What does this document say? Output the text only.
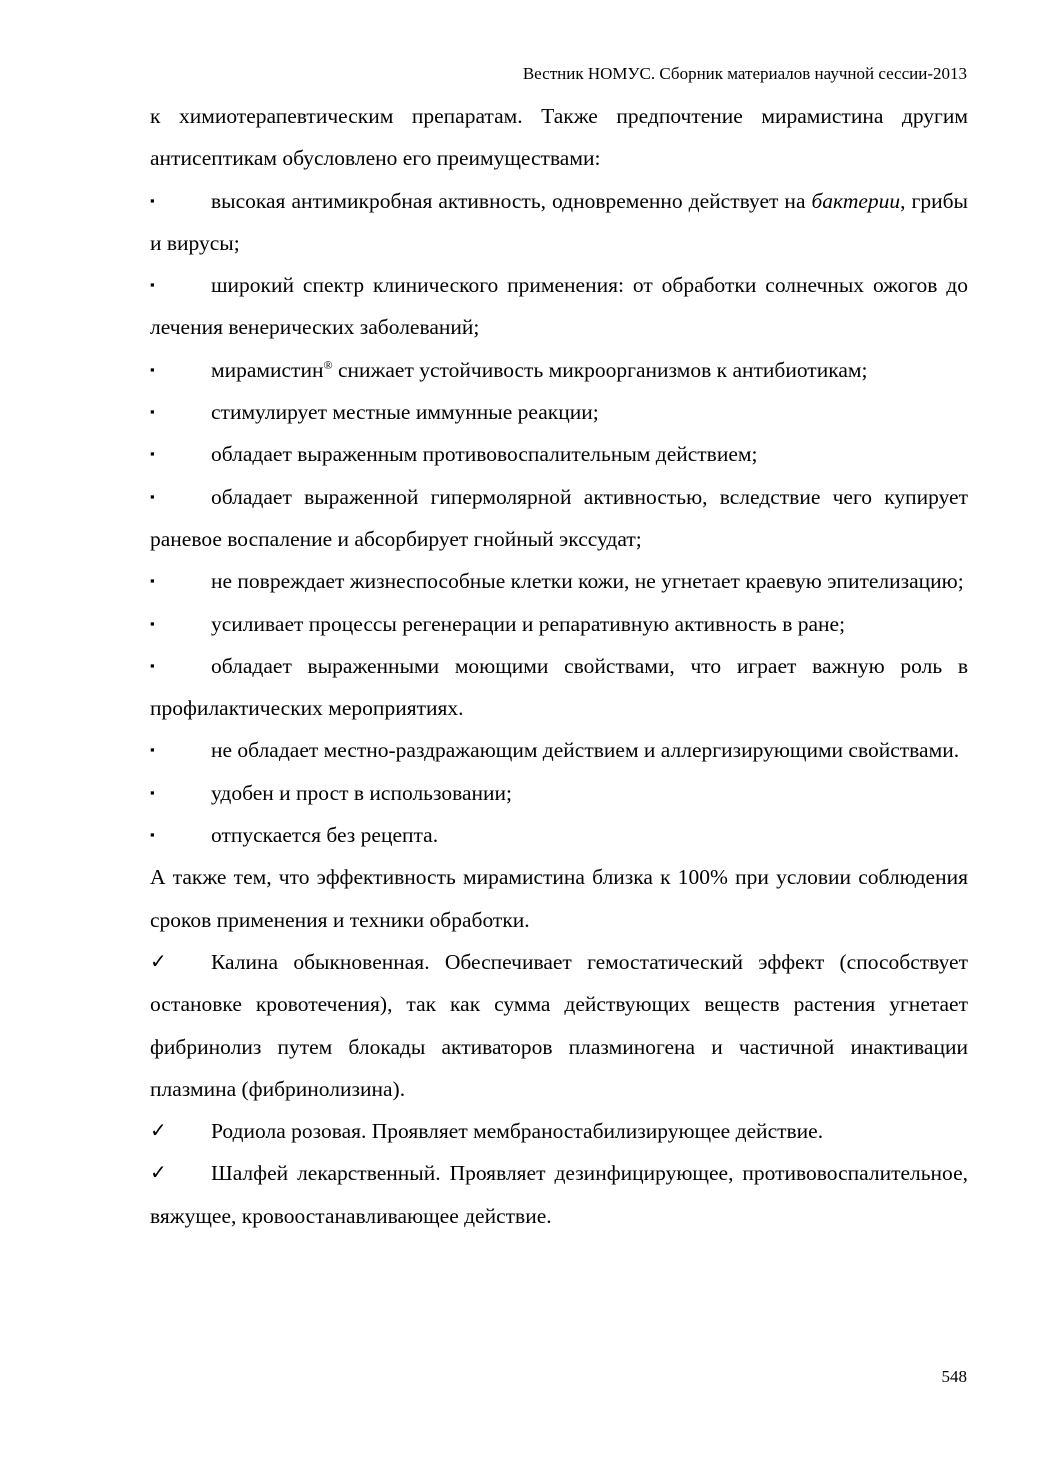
Вестник НОМУС. Сборник материалов научной сессии-2013

к химиотерапевтическим препаратам. Также предпочтение мирамистина другим антисептикам обусловлено его преимуществами:

▪	высокая антимикробная активность, одновременно действует на бактерии, грибы и вирусы;

▪	широкий спектр клинического применения: от обработки солнечных ожогов до лечения венерических заболеваний;

▪	мирамистин® снижает устойчивость микроорганизмов к антибиотикам;

▪	стимулирует местные иммунные реакции;

▪	обладает выраженным противовоспалительным действием;

▪	обладает выраженной гипермолярной активностью, вследствие чего купирует раневое воспаление и абсорбирует гнойный экссудат;

▪	не повреждает жизнеспособные клетки кожи, не угнетает краевую эпителизацию;

▪	усиливает процессы регенерации и репаративную активность в ране;

▪	обладает выраженными моющими свойствами, что играет важную роль в профилактических мероприятиях.

▪	не обладает местно-раздражающим действием и аллергизирующими свойствами.

▪	удобен и прост в использовании;

▪	отпускается без рецепта.

А также тем, что эффективность мирамистина близка к 100% при условии соблюдения сроков применения и техники обработки.

✓ Калина обыкновенная. Обеспечивает гемостатический эффект (способствует остановке кровотечения), так как сумма действующих веществ растения угнетает фибринолиз путем блокады активаторов плазминогена и частичной инактивации плазмина (фибринолизина).

✓ Родиола розовая. Проявляет мембраностабилизирующее действие.

✓ Шалфей лекарственный. Проявляет дезинфицирующее, противовоспалительное, вяжущее, кровоостанавливающее действие.

548
